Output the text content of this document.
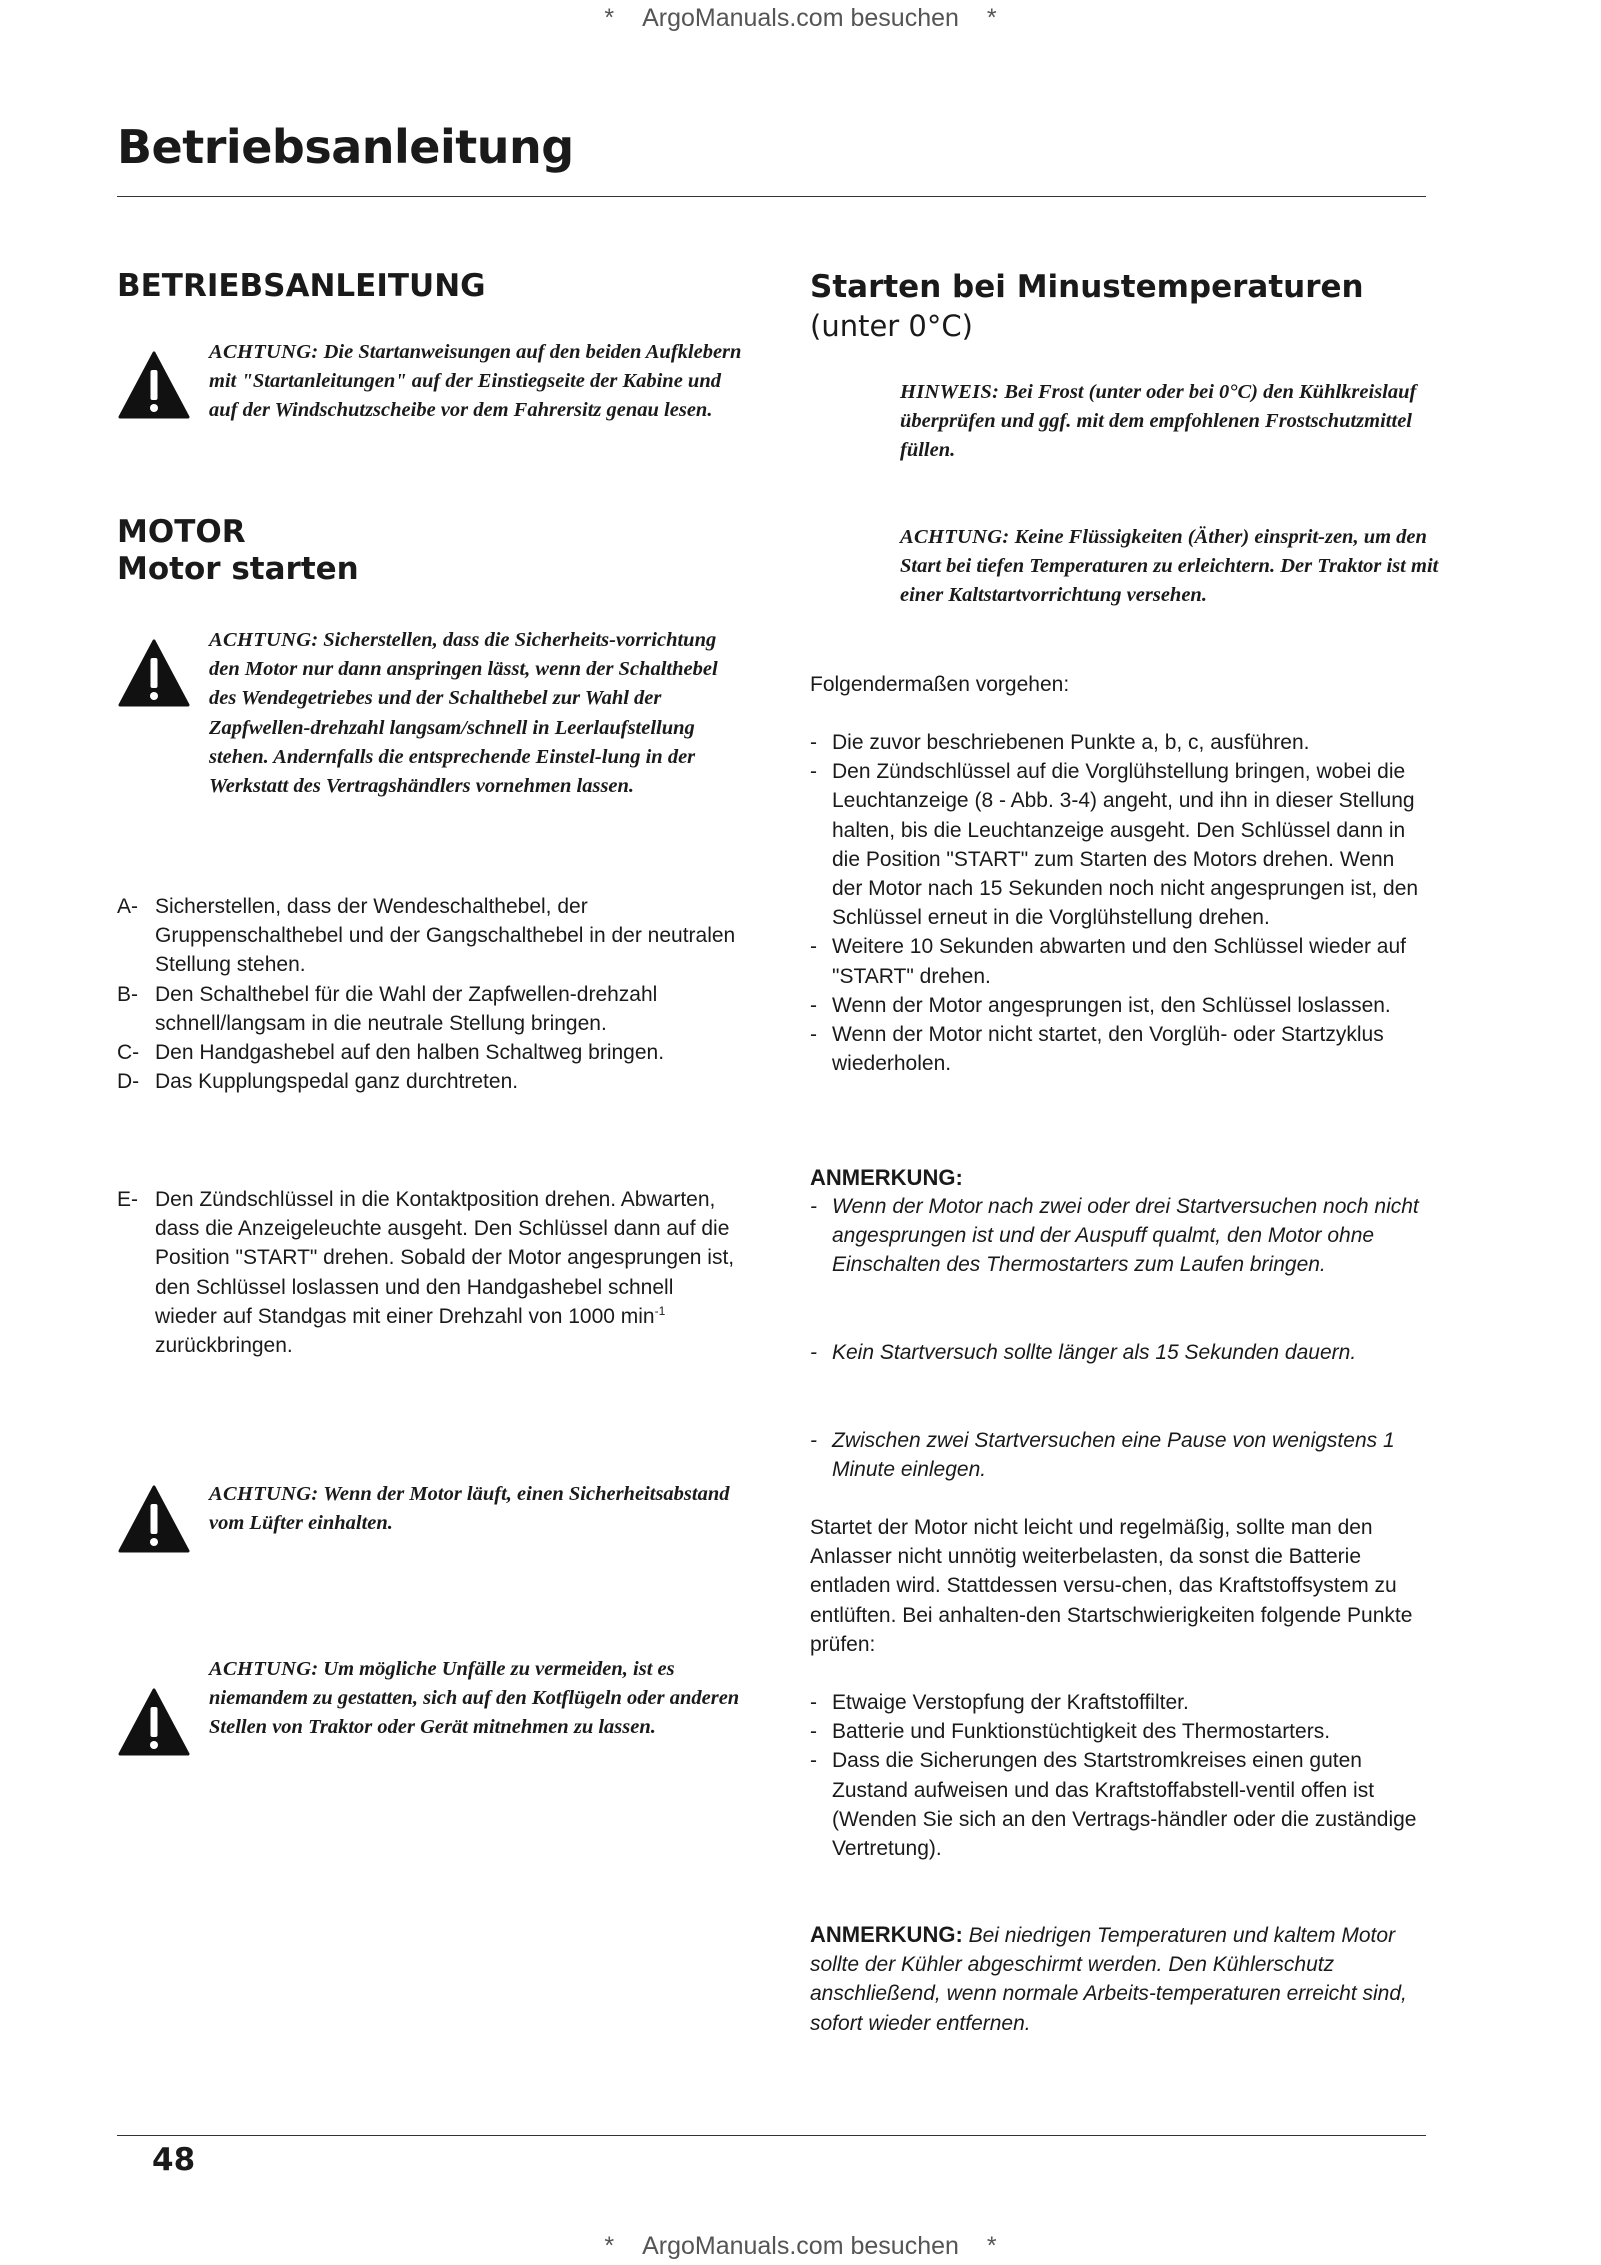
* ArgoManuals.com besuchen *
Betriebsanleitung
BETRIEBSANLEITUNG
ACHTUNG: Die Startanweisungen auf den beiden Aufklebern mit "Startanleitungen" auf der Einstiegseite der Kabine und auf der Windschutzscheibe vor dem Fahrersitz genau lesen.
MOTOR
Motor starten
ACHTUNG: Sicherstellen, dass die Sicherheits-vorrichtung den Motor nur dann anspringen lässt, wenn der Schalthebel des Wendegetriebes und der Schalthebel zur Wahl der Zapfwellen-drehzahl langsam/schnell in Leerlaufstellung stehen. Andernfalls die entsprechende Einstel-lung in der Werkstatt des Vertragshändlers vornehmen lassen.
A- Sicherstellen, dass der Wendeschalthebel, der Gruppenschalthebel und der Gangschalthebel in der neutralen Stellung stehen.
B- Den Schalthebel für die Wahl der Zapfwellen-drehzahl schnell/langsam in die neutrale Stellung bringen.
C- Den Handgashebel auf den halben Schaltweg bringen.
D- Das Kupplungspedal ganz durchtreten.
E- Den Zündschlüssel in die Kontaktposition drehen. Abwarten, dass die Anzeigeleuchte ausgeht. Den Schlüssel dann auf die Position "START" drehen. Sobald der Motor angesprungen ist, den Schlüssel loslassen und den Handgashebel schnell wieder auf Standgas mit einer Drehzahl von 1000 $\min^{-1}$ zurückbringen.
ACHTUNG: Wenn der Motor läuft, einen Sicherheitsabstand vom Lüfter einhalten.
ACHTUNG: Um mögliche Unfälle zu vermeiden, ist es niemandem zu gestatten, sich auf den Kotflügeln oder anderen Stellen von Traktor oder Gerät mitnehmen zu lassen.
Starten bei Minustemperaturen
(unter 0°C)
HINWEIS: Bei Frost (unter oder bei 0°C) den Kühlkreislauf überprüfen und ggf. mit dem empfohlenen Frostschutzmittel füllen.
ACHTUNG: Keine Flüssigkeiten (Äther) einsprit-zen, um den Start bei tiefen Temperaturen zu erleichtern. Der Traktor ist mit einer Kaltstartvorrichtung versehen.
Folgendermaßen vorgehen:
- Die zuvor beschriebenen Punkte a, b, c, ausführen.
- Den Zündschlüssel auf die Vorglühstellung bringen, wobei die Leuchtanzeige (8 - Abb. 3-4) angeht, und ihn in dieser Stellung halten, bis die Leuchtanzeige ausgeht. Den Schlüssel dann in die Position "START" zum Starten des Motors drehen. Wenn der Motor nach 15 Sekunden noch nicht angesprungen ist, den Schlüssel erneut in die Vorglühstellung drehen.
- Weitere 10 Sekunden abwarten und den Schlüssel wieder auf "START" drehen.
- Wenn der Motor angesprungen ist, den Schlüssel loslassen.
- Wenn der Motor nicht startet, den Vorglüh- oder Startzyklus wiederholen.
ANMERKUNG:
- Wenn der Motor nach zwei oder drei Startversuchen noch nicht angesprungen ist und der Auspuff qualmt, den Motor ohne Einschalten des Thermostarters zum Laufen bringen.
- Kein Startversuch sollte länger als 15 Sekunden dauern.
- Zwischen zwei Startversuchen eine Pause von wenigstens 1 Minute einlegen.
Startet der Motor nicht leicht und regelmäßig, sollte man den Anlasser nicht unnötig weiterbelasten, da sonst die Batterie entladen wird. Stattdessen versu-chen, das Kraftstoffsystem zu entlüften. Bei anhalten-den Startschwierigkeiten folgende Punkte prüfen:
- Etwaige Verstopfung der Kraftstoffilter.
- Batterie und Funktionstüchtigkeit des Thermostarters.
- Dass die Sicherungen des Startstromkreises einen guten Zustand aufweisen und das Kraftstoffabstell-ventil offen ist (Wenden Sie sich an den Vertrags-händler oder die zuständige Vertretung).
ANMERKUNG: Bei niedrigen Temperaturen und kaltem Motor sollte der Kühler abgeschirmt werden. Den Kühlerschutz anschließend, wenn normale Arbeits-temperaturen erreicht sind, sofort wieder entfernen.
48
* ArgoManuals.com besuchen *
